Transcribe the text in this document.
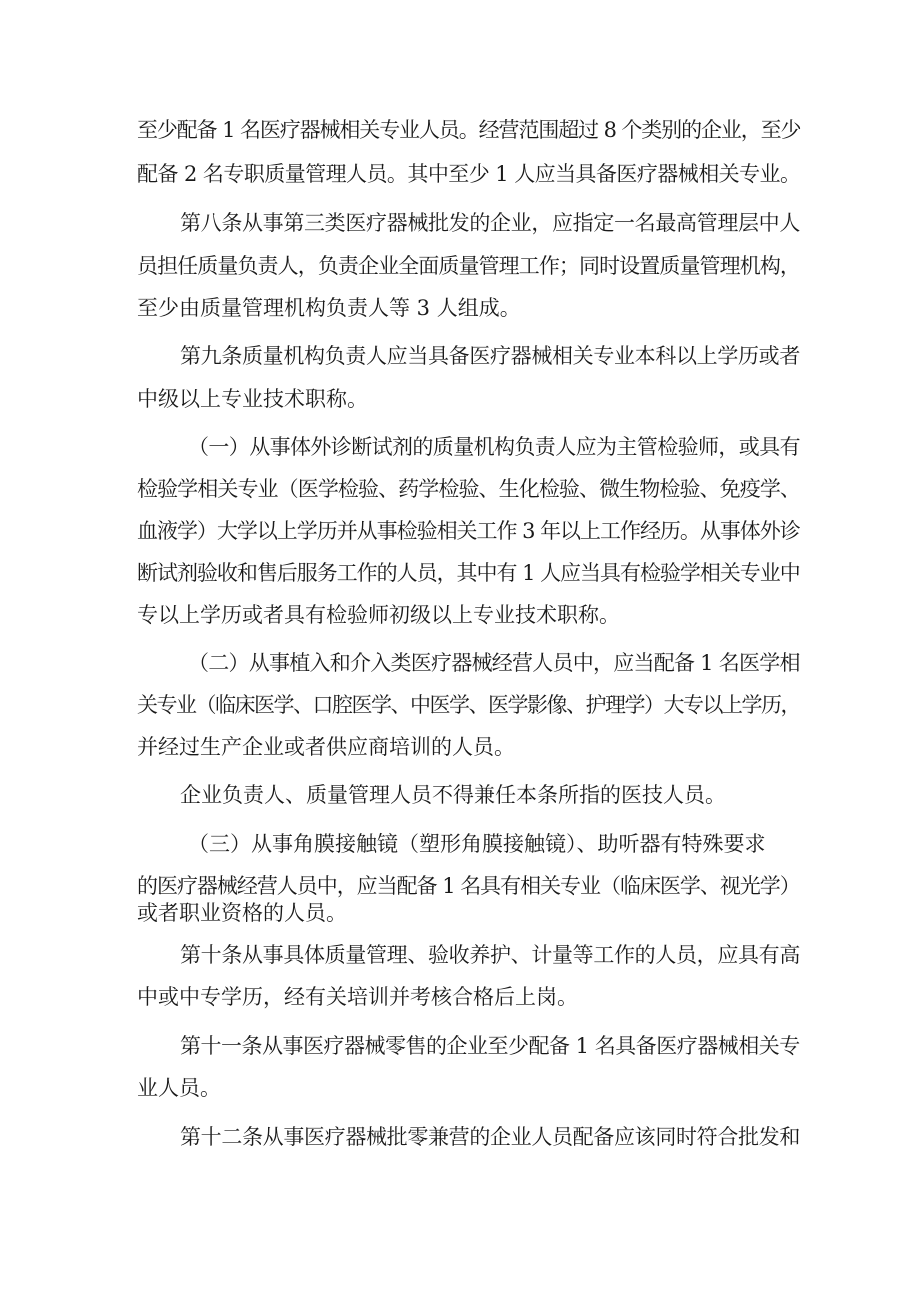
至少配备 1 名医疗器械相关专业人员。经营范围超过 8 个类别的企业，至少
配备 2 名专职质量管理人员。其中至少 1 人应当具备医疗器械相关专业。
第八条从事第三类医疗器械批发的企业，应指定一名最高管理层中人
员担任质量负责人，负责企业全面质量管理工作；同时设置质量管理机构，
至少由质量管理机构负责人等 3 人组成。
第九条质量机构负责人应当具备医疗器械相关专业本科以上学历或者
中级以上专业技术职称。
（一）从事体外诊断试剂的质量机构负责人应为主管检验师，或具有
检验学相关专业（医学检验、药学检验、生化检验、微生物检验、免疫学、
血液学）大学以上学历并从事检验相关工作 3 年以上工作经历。从事体外诊
断试剂验收和售后服务工作的人员，其中有 1 人应当具有检验学相关专业中
专以上学历或者具有检验师初级以上专业技术职称。
（二）从事植入和介入类医疗器械经营人员中，应当配备 1 名医学相
关专业（临床医学、口腔医学、中医学、医学影像、护理学）大专以上学历，
并经过生产企业或者供应商培训的人员。
企业负责人、质量管理人员不得兼任本条所指的医技人员。
（三）从事角膜接触镜（塑形角膜接触镜）、助听器有特殊要求
的医疗器械经营人员中，应当配备 1 名具有相关专业（临床医学、视光学）
或者职业资格的人员。
第十条从事具体质量管理、验收养护、计量等工作的人员，应具有高
中或中专学历，经有关培训并考核合格后上岗。
第十一条从事医疗器械零售的企业至少配备 1 名具备医疗器械相关专
业人员。
第十二条从事医疗器械批零兼营的企业人员配备应该同时符合批发和
